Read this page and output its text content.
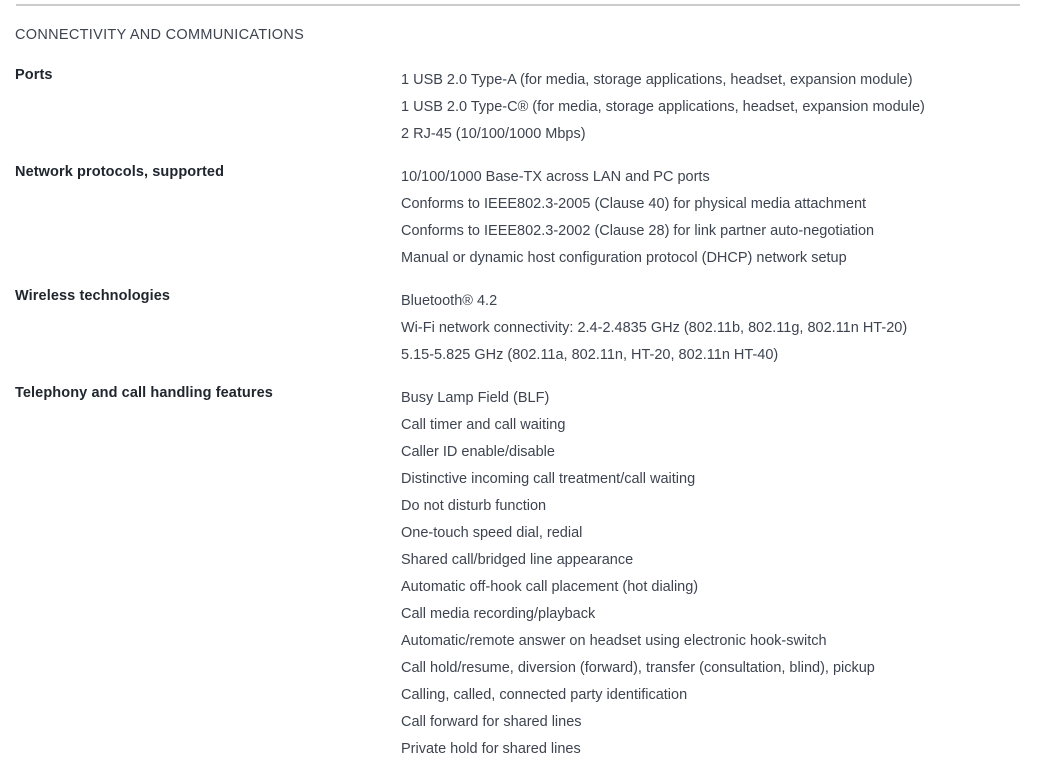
CONNECTIVITY AND COMMUNICATIONS
Ports	1 USB 2.0 Type-A (for media, storage applications, headset, expansion module)
1 USB 2.0 Type-C® (for media, storage applications, headset, expansion module)
2 RJ-45 (10/100/1000 Mbps)
Network protocols, supported	10/100/1000 Base-TX across LAN and PC ports
Conforms to IEEE802.3-2005 (Clause 40) for physical media attachment
Conforms to IEEE802.3-2002 (Clause 28) for link partner auto-negotiation
Manual or dynamic host configuration protocol (DHCP) network setup
Wireless technologies	Bluetooth® 4.2
Wi-Fi network connectivity: 2.4-2.4835 GHz (802.11b, 802.11g, 802.11n HT-20)
5.15-5.825 GHz (802.11a, 802.11n, HT-20, 802.11n HT-40)
Telephony and call handling features	Busy Lamp Field (BLF)
Call timer and call waiting
Caller ID enable/disable
Distinctive incoming call treatment/call waiting
Do not disturb function
One-touch speed dial, redial
Shared call/bridged line appearance
Automatic off-hook call placement (hot dialing)
Call media recording/playback
Automatic/remote answer on headset using electronic hook-switch
Call hold/resume, diversion (forward), transfer (consultation, blind), pickup
Calling, called, connected party identification
Call forward for shared lines
Private hold for shared lines
